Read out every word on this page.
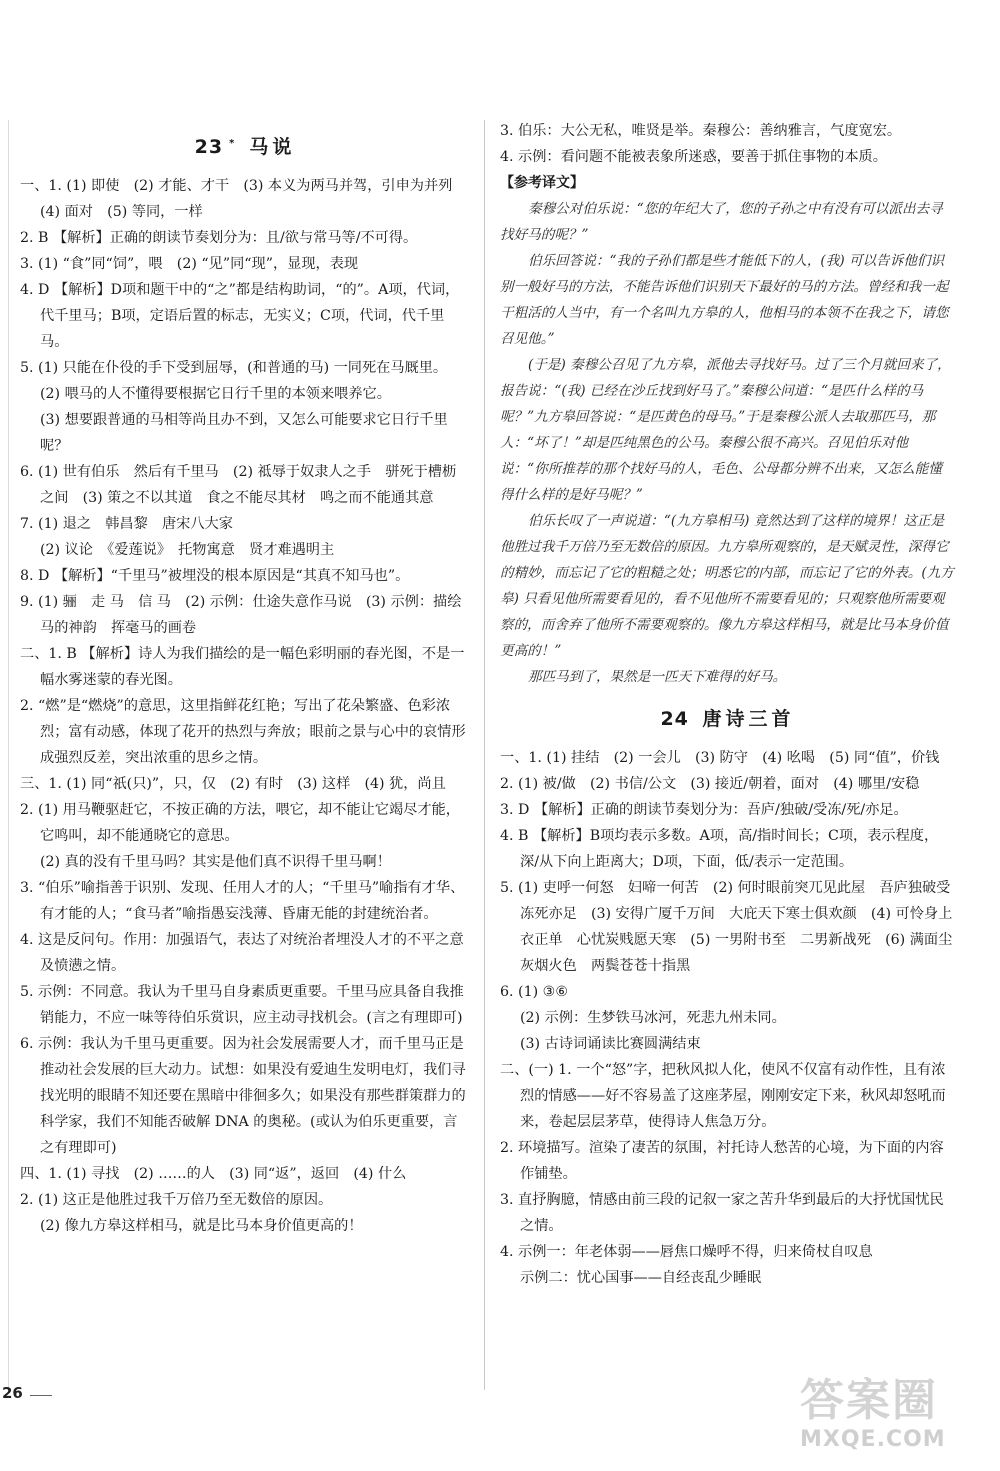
23 * 马说
一、1. (1) 即使　(2) 才能、才干　(3) 本义为两马并驾，引申为并列　(4) 面对　(5) 等同，一样
2. B 【解析】正确的朗读节奏划分为：且/欲与常马等/不可得。
3. (1) “食”同“饲”，喂　(2) “见”同“现”，显现，表现
4. D 【解析】D项和题干中的“之”都是结构助词，“的”。A项，代词，代千里马；B项，定语后置的标志，无实义；C项，代词，代千里马。
5. (1) 只能在仆役的手下受到屈辱，(和普通的马) 一同死在马厩里。
(2) 喂马的人不懂得要根据它日行千里的本领来喂养它。
(3) 想要跟普通的马相等尚且办不到，又怎么可能要求它日行千里呢？
6. (1) 世有伯乐　然后有千里马　(2) 祗辱于奴隶人之手　骈死于槽枥之间　(3) 策之不以其道　食之不能尽其材　鸣之而不能通其意
7. (1) 退之　韩昌黎　唐宋八大家
(2) 议论　《爱莲说》　托物寓意　贤才难遇明主
8. D 【解析】“千里马”被埋没的根本原因是“其真不知马也”。
9. (1) 骊　走 马　信 马　(2) 示例：仕途失意作马说　(3) 示例：描绘马的神韵　挥毫马的画卷
二、1. B 【解析】诗人为我们描绘的是一幅色彩明丽的春光图，不是一幅水雾迷蒙的春光图。
2. “燃”是“燃烧”的意思，这里指鲜花红艳；写出了花朵繁盛、色彩浓烈；富有动感，体现了花开的热烈与奔放；眼前之景与心中的哀情形成强烈反差，突出浓重的思乡之情。
三、1. (1) 同“祇(只)”，只，仅　(2) 有时　(3) 这样　(4) 犹，尚且
2. (1) 用马鞭驱赶它，不按正确的方法，喂它，却不能让它竭尽才能，它鸣叫，却不能通晓它的意思。
(2) 真的没有千里马吗？其实是他们真不识得千里马啊！
3. “伯乐”喻指善于识别、发现、任用人才的人；“千里马”喻指有才华、有才能的人；“食马者”喻指愚妄浅薄、昏庸无能的封建统治者。
4. 这是反问句。作用：加强语气，表达了对统治者埋没人才的不平之意及愤懑之情。
5. 示例：不同意。我认为千里马自身素质更重要。千里马应具备自我推销能力，不应一味等待伯乐赏识，应主动寻找机会。(言之有理即可)
6. 示例：我认为千里马更重要。因为社会发展需要人才，而千里马正是推动社会发展的巨大动力。试想：如果没有爱迪生发明电灯，我们寻找光明的眼睛不知还要在黑暗中徘徊多久；如果没有那些群策群力的科学家，我们不知能否破解 DNA 的奥秘。(或认为伯乐更重要，言之有理即可)
四、1. (1) 寻找　(2) ……的人　(3) 同“返”，返回　(4) 什么
2. (1) 这正是他胜过我千万倍乃至无数倍的原因。
(2) 像九方皋这样相马，就是比马本身价值更高的！
3. 伯乐：大公无私，唯贤是举。秦穆公：善纳雅言，气度宽宏。
4. 示例：看问题不能被表象所迷惑，要善于抓住事物的本质。
【参考译文】
秦穆公对伯乐说：“您的年纪大了，您的子孙之中有没有可以派出去寻找好马的呢？”
伯乐回答说：“我的子孙们都是些才能低下的人，(我) 可以告诉他们识别一般好马的方法，不能告诉他们识别天下最好的马的方法。曾经和我一起干粗活的人当中，有一个名叫九方皋的人，他相马的本领不在我之下，请您召见他。”
(于是) 秦穆公召见了九方皋，派他去寻找好马。过了三个月就回来了，报告说：“(我) 已经在沙丘找到好马了。”秦穆公问道：“是匹什么样的马呢？”九方皋回答说：“是匹黄色的母马。”于是秦穆公派人去取那匹马，那人：“坏了！”却是匹纯黑色的公马。秦穆公很不高兴。召见伯乐对他说：“你所推荐的那个找好马的人，毛色、公母都分辨不出来，又怎么能懂得什么样的是好马呢？”
伯乐长叹了一声说道：“(九方皋相马) 竟然达到了这样的境界！这正是他胜过我千万倍乃至无数倍的原因。九方皋所观察的，是天赋灵性，深得它的精妙，而忘记了它的粗糙之处；明悉它的内部，而忘记了它的外表。(九方皋) 只看见他所需要看见的，看不见他所不需要看见的；只观察他所需要观察的，而舍弃了他所不需要观察的。像九方皋这样相马，就是比马本身价值更高的！”
那匹马到了，果然是一匹天下难得的好马。
24 唐诗三首
一、1. (1) 挂结　(2) 一会儿　(3) 防守　(4) 吆喝　(5) 同“值”，价钱
2. (1) 被/做　(2) 书信/公文　(3) 接近/朝着，面对　(4) 哪里/安稳
3. D 【解析】正确的朗读节奏划分为：吾庐/独破/受冻/死/亦足。
4. B 【解析】B项均表示多数。A项，高/指时间长；C项，表示程度，深/从下向上距离大；D项，下面，低/表示一定范围。
5. (1) 吏呼一何怒　妇啼一何苦　(2) 何时眼前突兀见此屋　吾庐独破受冻死亦足　(3) 安得广厦千万间　大庇天下寒士俱欢颜　(4) 可怜身上衣正单　心忧炭贱愿天寒　(5) 一男附书至　二男新战死　(6) 满面尘灰烟火色　两鬓苍苍十指黑
6. (1) ③⑥
(2) 示例：生梦铁马冰河，死悲九州未同。
(3) 古诗词诵读比赛圆满结束
二、(一) 1. 一个“怒”字，把秋风拟人化，使风不仅富有动作性，且有浓烈的情感——好不容易盖了这座茅屋，刚刚安定下来，秋风却怒吼而来，卷起层层茅草，使得诗人焦急万分。
2. 环境描写。渲染了凄苦的氛围，衬托诗人愁苦的心境，为下面的内容作铺垫。
3. 直抒胸臆，情感由前三段的记叙一家之苦升华到最后的大抒忧国忧民之情。
4. 示例一：年老体弱——唇焦口燥呼不得，归来倚杖自叹息
示例二：忧心国事——自经丧乱少睡眠
26	答案圈
MXQE.COM
